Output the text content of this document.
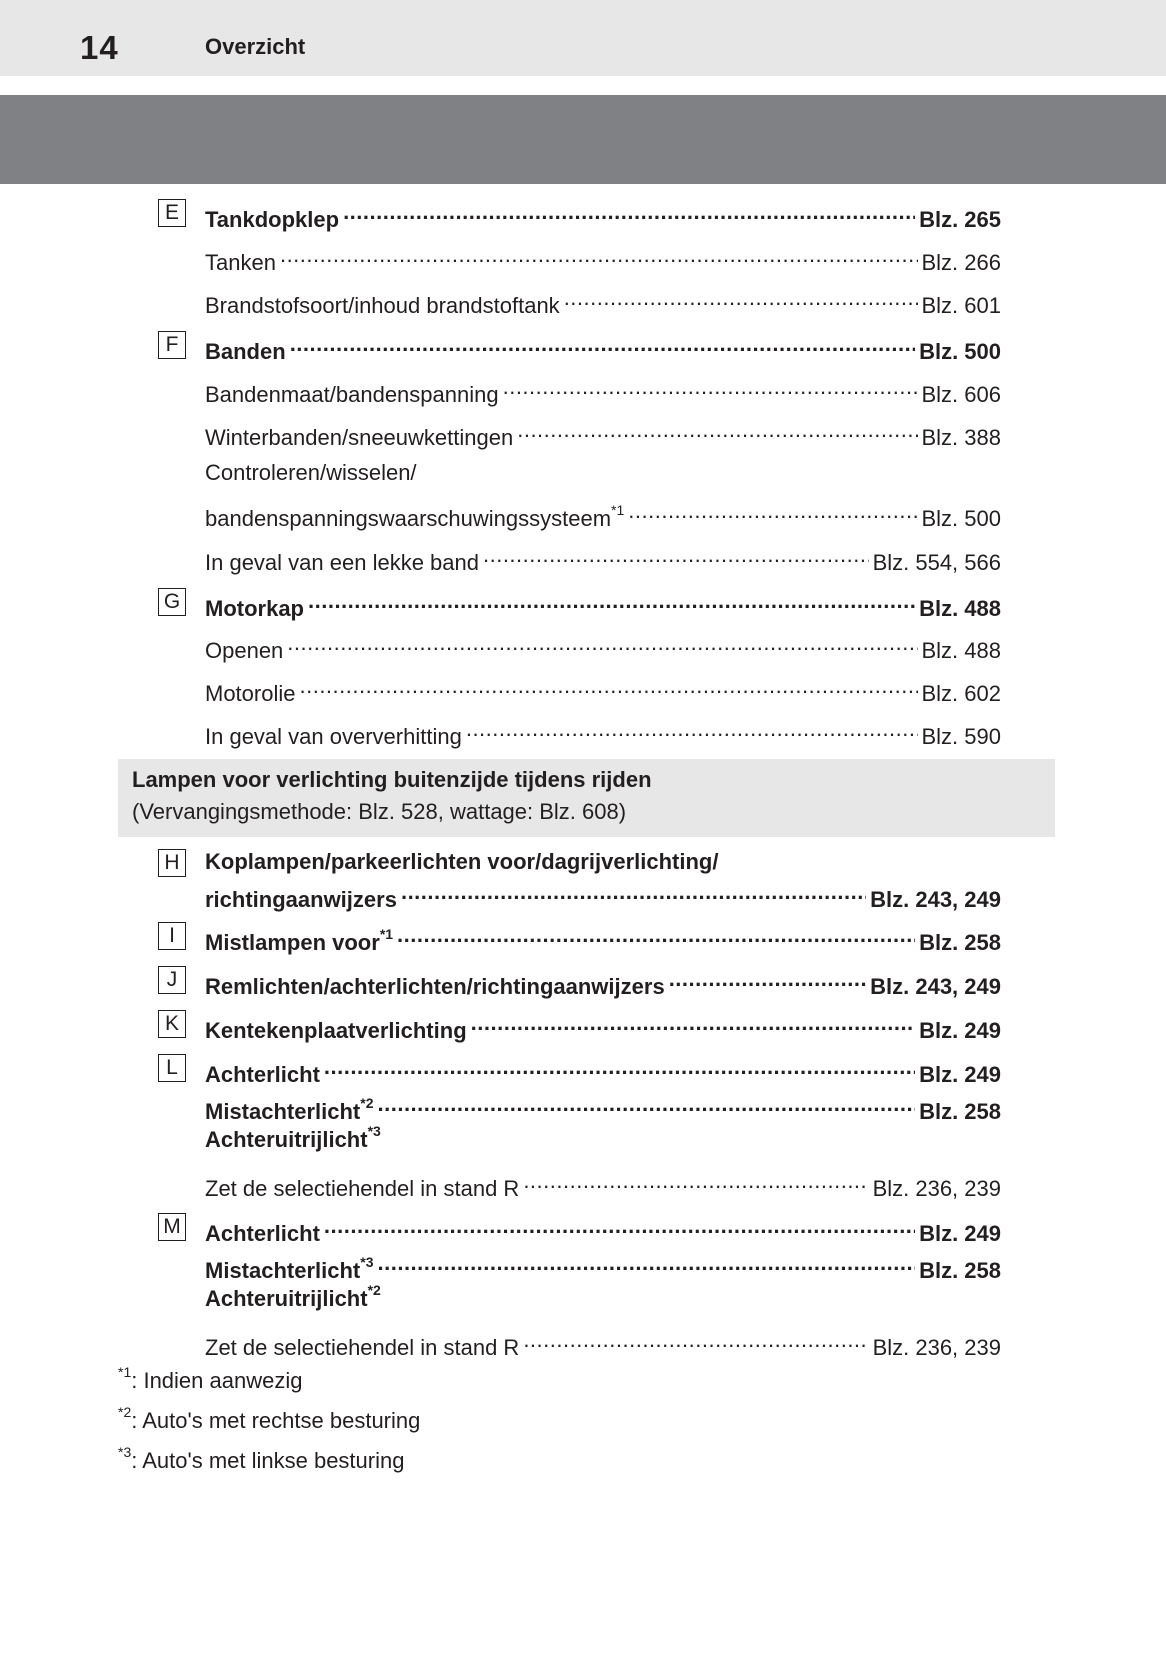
14	Overzicht
E	Tankdopklep .....	Blz. 265
Tanken .....	Blz. 266
Brandstofsoort/inhoud brandstoftank .....	Blz. 601
F	Banden .....	Blz. 500
Bandenmaat/bandenspanning .....	Blz. 606
Winterbanden/sneeuwkettingen .....	Blz. 388
Controleren/wisselen/
bandenspanningswaarschuwingssysteem$^{*1}$ .....	Blz. 500
In geval van een lekke band .....	Blz. 554, 566
G Motorkap .....	Blz. 488
Openen .....	Blz. 488
Motorolie .....	Blz. 602
In geval van oververhitting .....	Blz. 590
Lampen voor verlichting buitenzijde tijdens rijden
(Vervangingsmethode: Blz. 528, wattage: Blz. 608)
H Koplampen/parkeerlichten voor/dagrijverlichting/
richtingaanwijzers .....	Blz. 243, 249
I	Mistlampen voor$^{*1}$ .....	Blz. 258
J	Remlichten/achterlichten/richtingaanwijzers .....	Blz. 243, 249
K	Kentekenplaatverlichting .....	Blz. 249
L	Achterlicht .....	Blz. 249
Mistachterlicht$^{*2}$ .....	Blz. 258
Achteruitrijlicht$^{*3}$
Zet de selectiehendel in stand R .....	Blz. 236, 239
M Achterlicht .....	Blz. 249
Mistachterlicht$^{*3}$ .....	Blz. 258
Achteruitrijlicht$^{*2}$
Zet de selectiehendel in stand R .....	Blz. 236, 239
$^{*1}$: Indien aanwezig
$^{*2}$: Auto's met rechtse besturing
$^{*3}$: Auto's met linkse besturing
